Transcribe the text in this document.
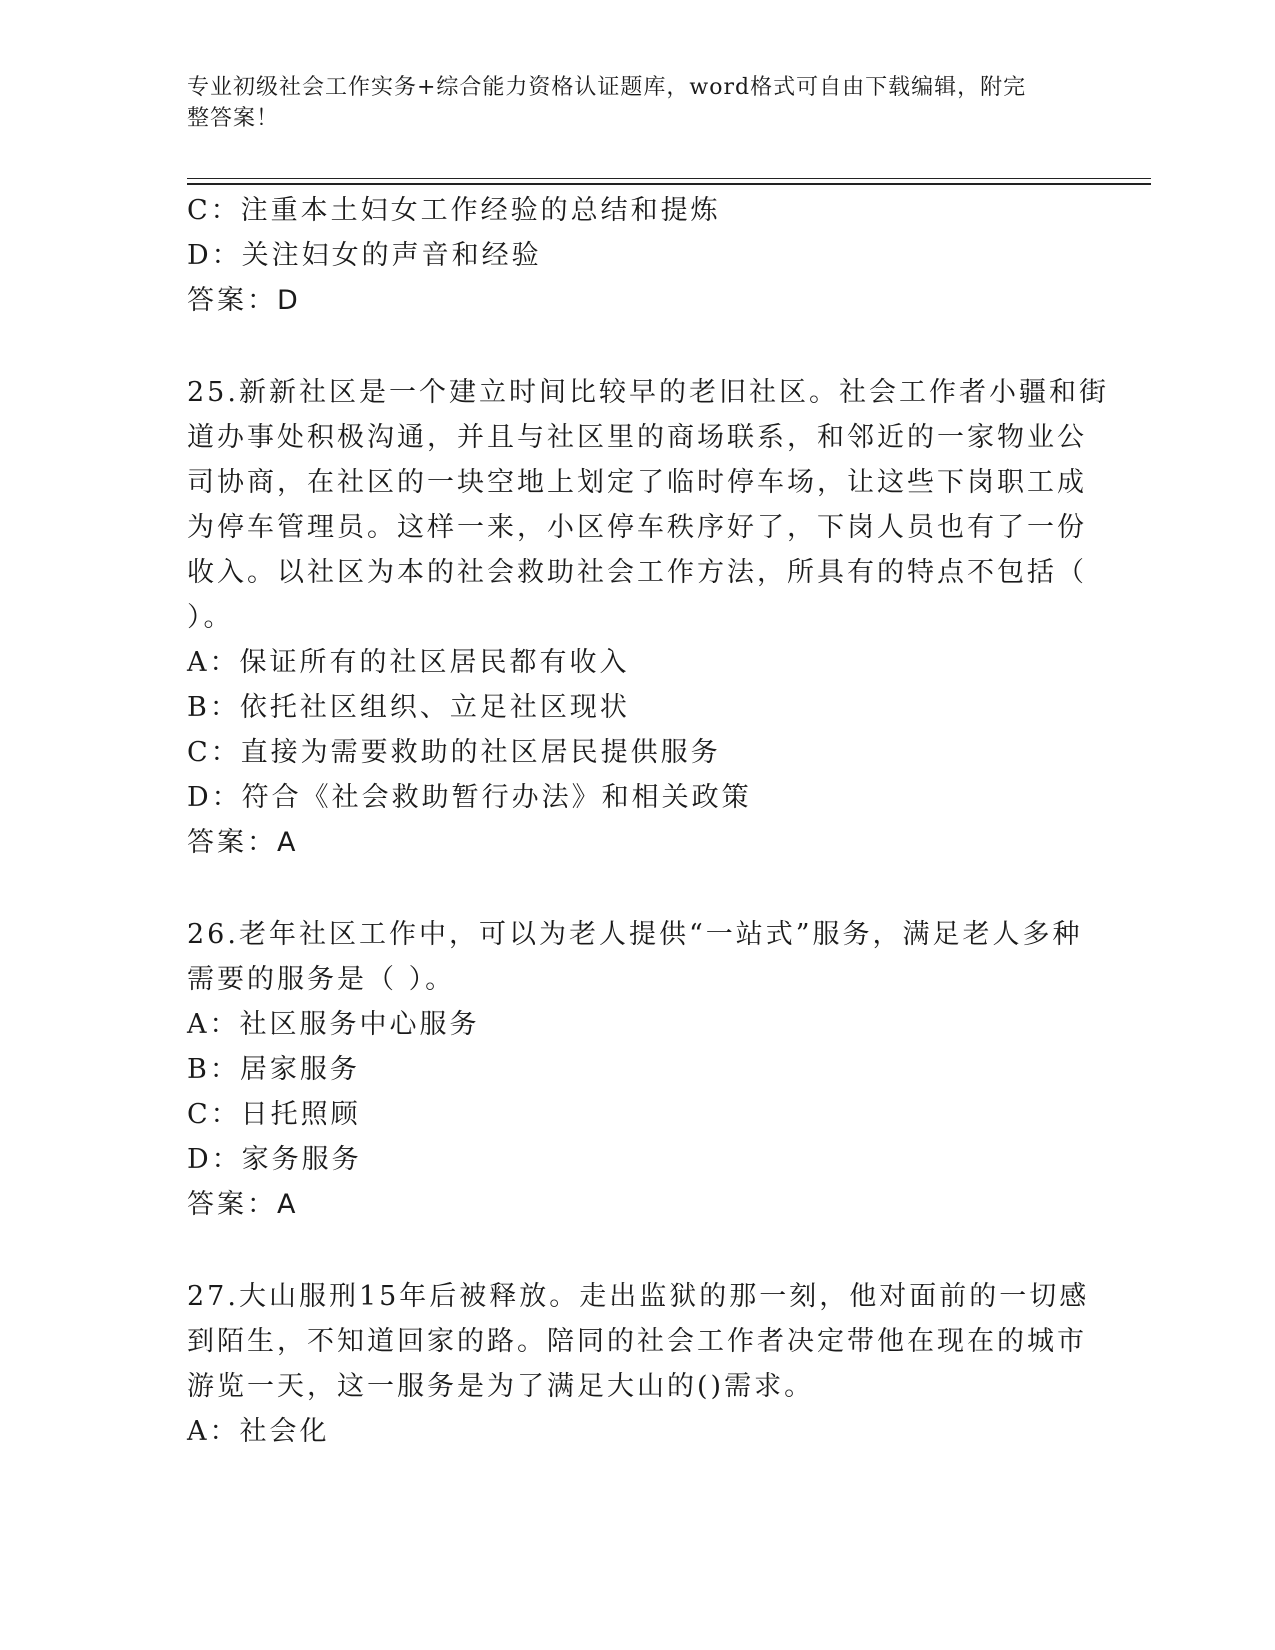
专业初级社会工作实务+综合能力资格认证题库，word格式可自由下载编辑，附完
整答案！
C：注重本土妇女工作经验的总结和提炼
D：关注妇女的声音和经验
答案：D
25.新新社区是一个建立时间比较早的老旧社区。社会工作者小疆和街
道办事处积极沟通，并且与社区里的商场联系，和邻近的一家物业公
司协商，在社区的一块空地上划定了临时停车场，让这些下岗职工成
为停车管理员。这样一来，小区停车秩序好了，下岗人员也有了一份
收入。以社区为本的社会救助社会工作方法，所具有的特点不包括（
）。
A：保证所有的社区居民都有收入
B：依托社区组织、立足社区现状
C：直接为需要救助的社区居民提供服务
D：符合《社会救助暂行办法》和相关政策
答案：A
26.老年社区工作中，可以为老人提供“一站式”服务，满足老人多种
需要的服务是（ ）。
A：社区服务中心服务
B：居家服务
C：日托照顾
D：家务服务
答案：A
27.大山服刑15年后被释放。走出监狱的那一刻，他对面前的一切感
到陌生，不知道回家的路。陪同的社会工作者决定带他在现在的城市
游览一天，这一服务是为了满足大山的()需求。
A：社会化
